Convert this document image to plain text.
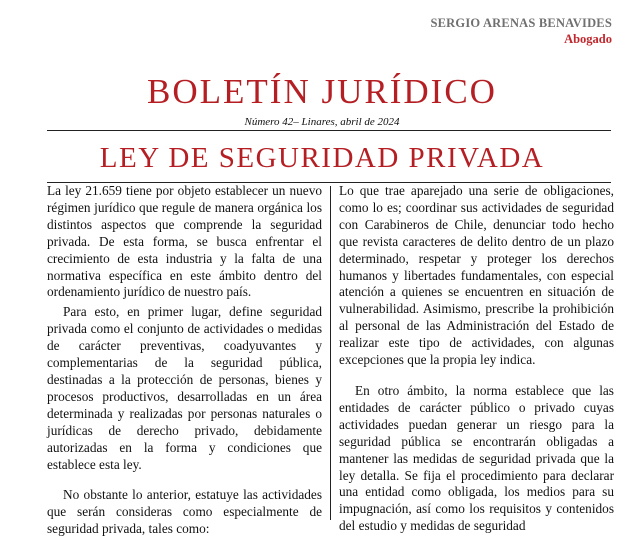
SERGIO ARENAS BENAVIDES
Abogado
BOLETÍN JURÍDICO
Número 42– Linares, abril de 2024
LEY DE SEGURIDAD PRIVADA

La ley 21.659 tiene por objeto establecer un nuevo régimen jurídico que regule de manera orgánica los distintos aspectos que comprende la seguridad privada. De esta forma, se busca enfrentar el crecimiento de esta industria y la falta de una normativa específica en este ámbito dentro del ordenamiento jurídico de nuestro país.

Para esto, en primer lugar, define seguridad privada como el conjunto de actividades o medidas de carácter preventivas, coadyuvantes y complementarias de la seguridad pública, destinadas a la protección de personas, bienes y procesos productivos, desarrolladas en un área determinada y realizadas por personas naturales o jurídicas de derecho privado, debidamente autorizadas en la forma y condiciones que establece esta ley.

No obstante lo anterior, estatuye las actividades que serán consideras como especialmente de seguridad privada, tales como:

Lo que trae aparejado una serie de obligaciones, como lo es; coordinar sus actividades de seguridad con Carabineros de Chile, denunciar todo hecho que revista caracteres de delito dentro de un plazo determinado, respetar y proteger los derechos humanos y libertades fundamentales, con especial atención a quienes se encuentren en situación de vulnerabilidad. Asimismo, prescribe la prohibición al personal de las Administración del Estado de realizar este tipo de actividades, con algunas excepciones que la propia ley indica.

En otro ámbito, la norma establece que las entidades de carácter público o privado cuyas actividades puedan generar un riesgo para la seguridad pública se encontrarán obligadas a mantener las medidas de seguridad privada que la ley detalla. Se fija el procedimiento para declarar una entidad como obligada, los medios para su impugnación, así como los requisitos y contenidos del estudio y medidas de seguridad
